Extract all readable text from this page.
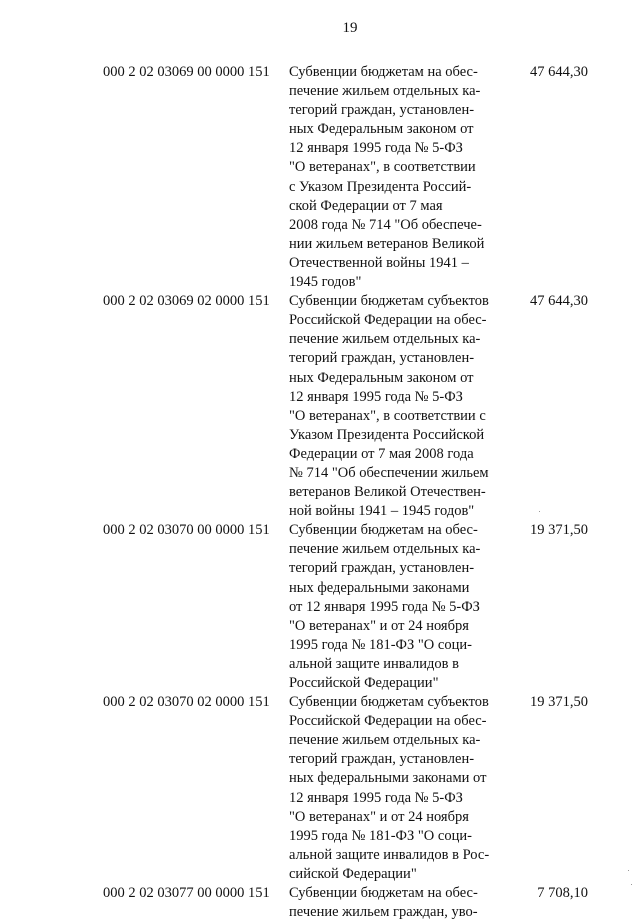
19
000 2 02 03069 00 0000 151 Субвенции бюджетам на обес-
печение жильем отдельных ка-
тегорий граждан, установлен-
ных Федеральным законом от
12 января 1995 года № 5-ФЗ
"О ветеранах", в соответствии
с Указом Президента Россий-
ской Федерации от 7 мая
2008 года № 714 "Об обеспече-
нии жильем ветеранов Великой
Отечественной войны 1941 –
1945 годов"
47 644,30
000 2 02 03069 02 0000 151 Субвенции бюджетам субъектов
Российской Федерации на обес-
печение жильем отдельных ка-
тегорий граждан, установлен-
ных Федеральным законом от
12 января 1995 года № 5-ФЗ
"О ветеранах", в соответствии с
Указом Президента Российской
Федерации от 7 мая 2008 года
№ 714 "Об обеспечении жильем
ветеранов Великой Отечествен-
ной войны 1941 – 1945 годов"
47 644,30
000 2 02 03070 00 0000 151 Субвенции бюджетам на обес-
печение жильем отдельных ка-
тегорий граждан, установлен-
ных федеральными законами
от 12 января 1995 года № 5-ФЗ
"О ветеранах" и от 24 ноября
1995 года № 181-ФЗ "О соци-
альной защите инвалидов в
Российской Федерации"
19 371,50
000 2 02 03070 02 0000 151 Субвенции бюджетам субъектов
Российской Федерации на обес-
печение жильем отдельных ка-
тегорий граждан, установлен-
ных федеральными законами от
12 января 1995 года № 5-ФЗ
"О ветеранах" и от 24 ноября
1995 года № 181-ФЗ "О соци-
альной защите инвалидов в Рос-
сийской Федерации"
19 371,50
000 2 02 03077 00 0000 151 Субвенции бюджетам на обес-
печение жильем граждан, уво-
7 708,10
